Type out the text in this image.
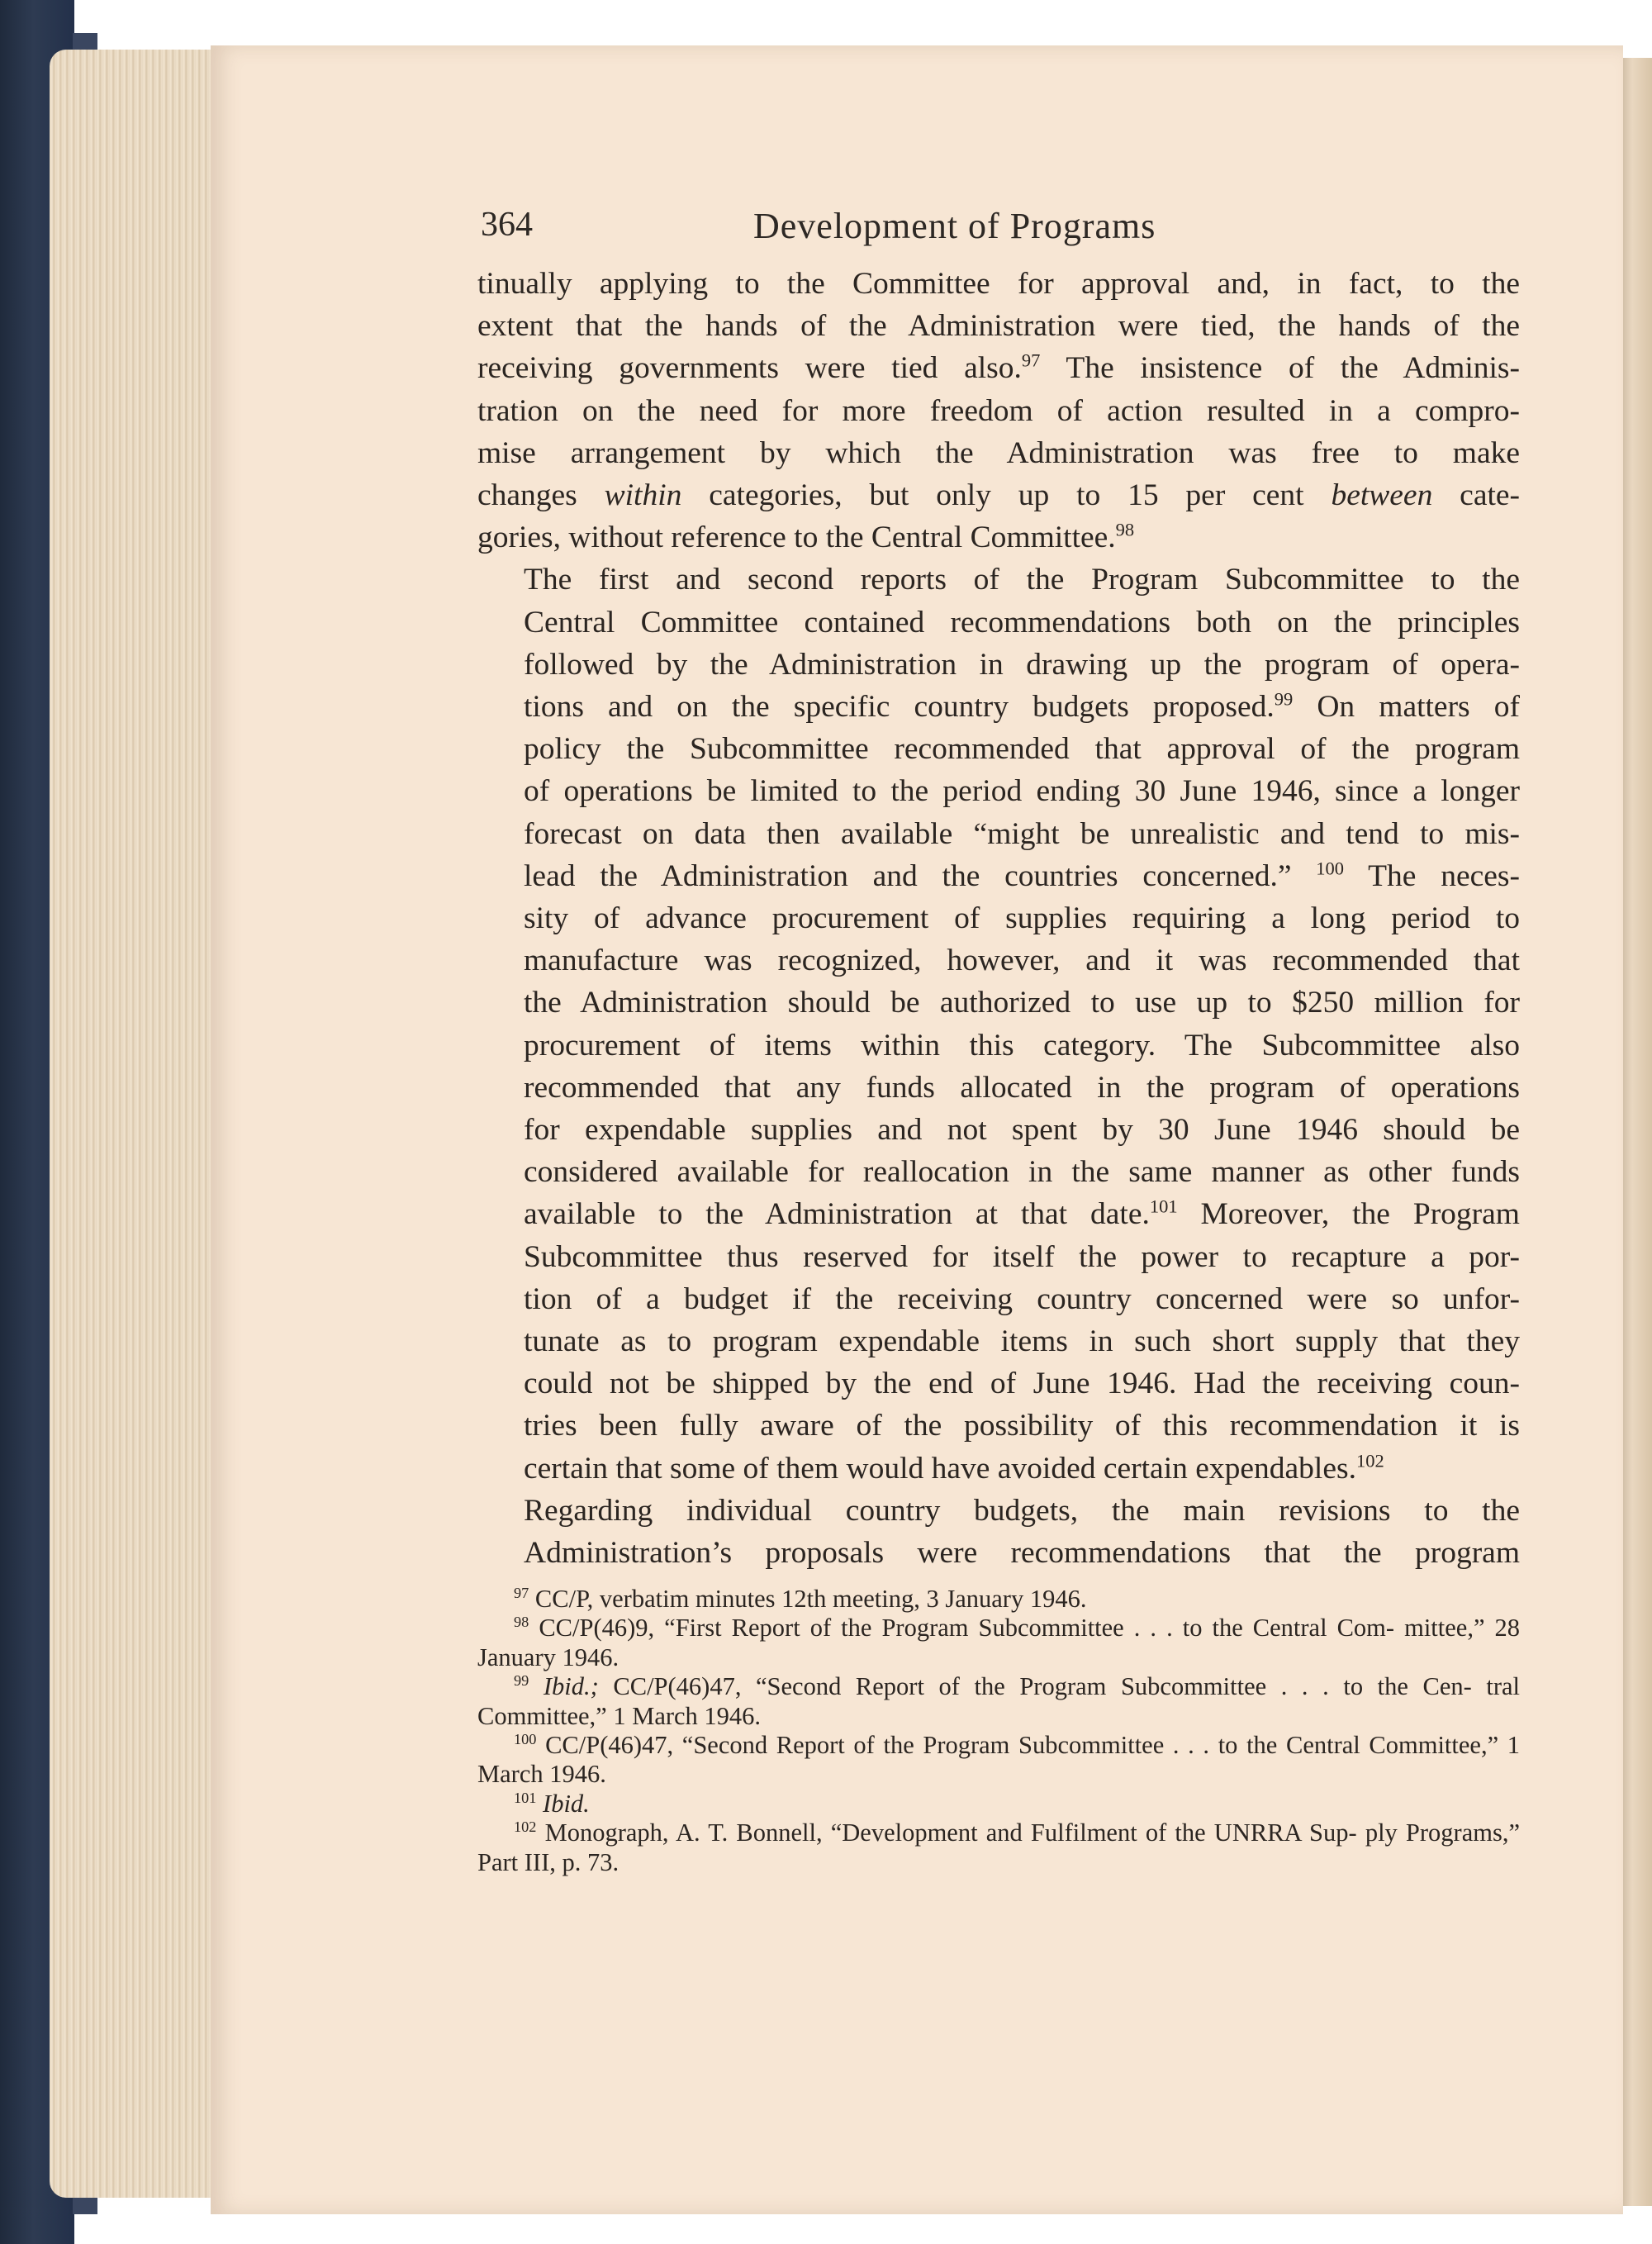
364	Development of Programs

tinually applying to the Committee for approval and, in fact, to the
extent that the hands of the Administration were tied, the hands of the
receiving governments were tied also.$^{97}$ The insistence of the Adminis-
tration on the need for more freedom of action resulted in a compro-
mise arrangement by which the Administration was free to make
changes within categories, but only up to 15 per cent between cate-
gories, without reference to the Central Committee.$^{98}$

The first and second reports of the Program Subcommittee to the
Central Committee contained recommendations both on the principles
followed by the Administration in drawing up the program of opera-
tions and on the specific country budgets proposed.$^{99}$ On matters of
policy the Subcommittee recommended that approval of the program
of operations be limited to the period ending 30 June 1946, since a longer
forecast on data then available “might be unrealistic and tend to mis-
lead the Administration and the countries concerned.” $^{100}$ The neces-
sity of advance procurement of supplies requiring a long period to
manufacture was recognized, however, and it was recommended that
the Administration should be authorized to use up to $250 million for
procurement of items within this category. The Subcommittee also
recommended that any funds allocated in the program of operations
for expendable supplies and not spent by 30 June 1946 should be
considered available for reallocation in the same manner as other funds
available to the Administration at that date.$^{101}$ Moreover, the Program
Subcommittee thus reserved for itself the power to recapture a por-
tion of a budget if the receiving country concerned were so unfor-
tunate as to program expendable items in such short supply that they
could not be shipped by the end of June 1946. Had the receiving coun-
tries been fully aware of the possibility of this recommendation it is
certain that some of them would have avoided certain expendables.$^{102}$

Regarding individual country budgets, the main revisions to the
Administration’s proposals were recommendations that the program

$^{97}$ CC/P, verbatim minutes 12th meeting, 3 January 1946.
$^{98}$ CC/P(46)9, “First Report of the Program Subcommittee . . . to the Central Com- mittee,” 28 January 1946.
$^{99}$ Ibid.; CC/P(46)47, “Second Report of the Program Subcommittee . . . to the Cen- tral Committee,” 1 March 1946.
$^{100}$ CC/P(46)47, “Second Report of the Program Subcommittee . . . to the Central Committee,” 1 March 1946.
$^{101}$ Ibid.
$^{102}$ Monograph, A. T. Bonnell, “Development and Fulfilment of the UNRRA Sup- ply Programs,” Part III, p. 73.
